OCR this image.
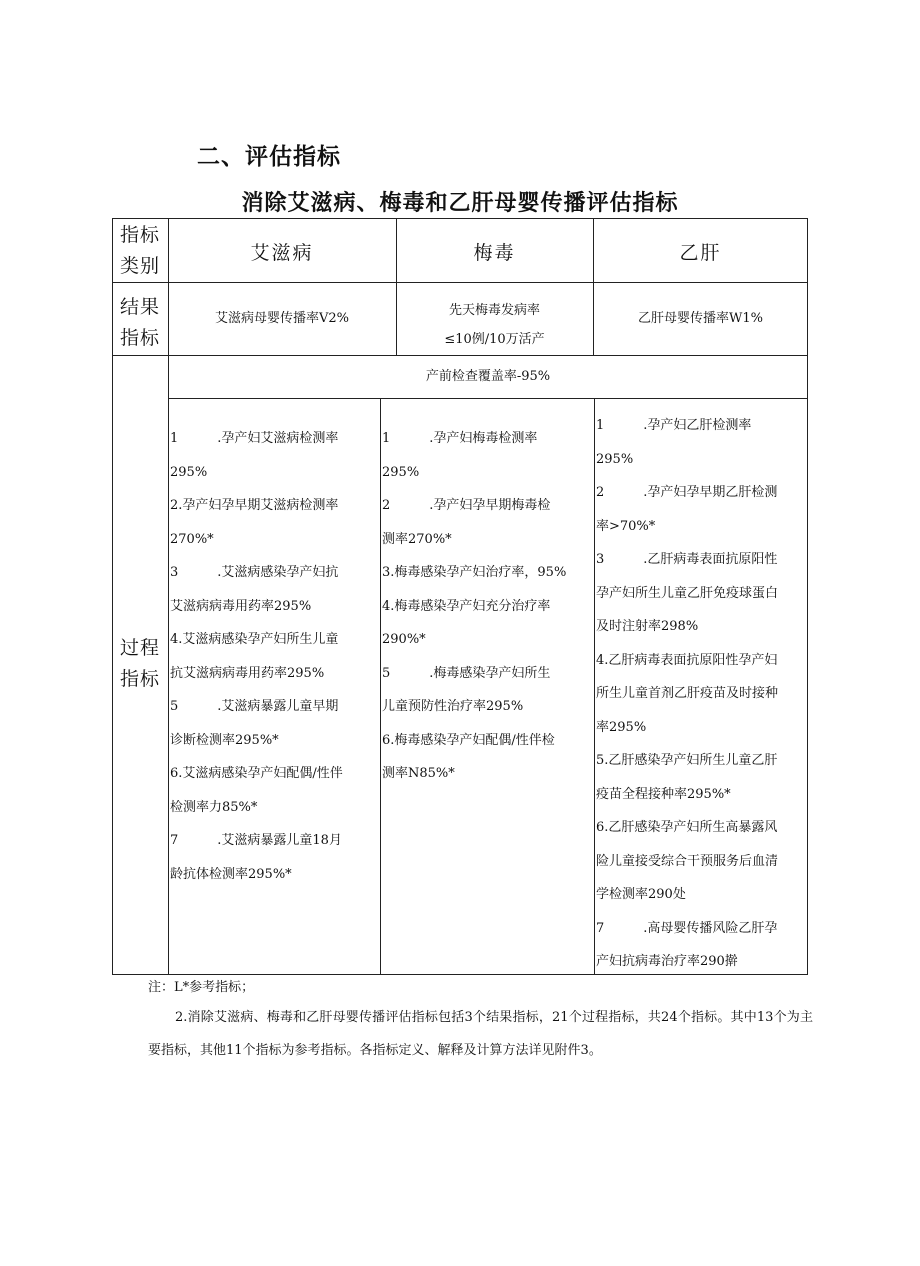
二、评估指标
消除艾滋病、梅毒和乙肝母婴传播评估指标
指标
类别
结果
指标
过程
指标
艾滋病	梅毒	乙肝
艾滋病母婴传播率V2%
先天梅毒发病率
≤10例/10万活产
乙肝母婴传播率W1%
产前检查覆盖率-95%
1　　　.孕产妇艾滋病检测率
295%
2.孕产妇孕早期艾滋病检测率
270%*
3　　　.艾滋病感染孕产妇抗
艾滋病病毒用药率295%
4.艾滋病感染孕产妇所生儿童
抗艾滋病病毒用药率295%
5　　　.艾滋病暴露儿童早期
诊断检测率295%*
6.艾滋病感染孕产妇配偶/性伴
检测率力85%*
7　　　.艾滋病暴露儿童18月
龄抗体检测率295%*
1　　　.孕产妇梅毒检测率
295%
2　　　.孕产妇孕早期梅毒检
测率270%*
3.梅毒感染孕产妇治疗率，95%
4.梅毒感染孕产妇充分治疗率
290%*
5　　　.梅毒感染孕产妇所生
儿童预防性治疗率295%
6.梅毒感染孕产妇配偶/性伴检
测率N85%*
1　　　.孕产妇乙肝检测率
295%
2　　　.孕产妇孕早期乙肝检测
率>70%*
3　　　.乙肝病毒表面抗原阳性
孕产妇所生儿童乙肝免疫球蛋白
及时注射率298%
4.乙肝病毒表面抗原阳性孕产妇
所生儿童首剂乙肝疫苗及时接种
率295%
5.乙肝感染孕产妇所生儿童乙肝
疫苗全程接种率295%*
6.乙肝感染孕产妇所生高暴露风
险儿童接受综合干预服务后血清
学检测率290处
7　　　.高母婴传播风险乙肝孕
产妇抗病毒治疗率290擀
注：L*参考指标；
2.消除艾滋病、梅毒和乙肝母婴传播评估指标包括3个结果指标，21个过程指标，共24个指标。其中13个为主要指标，其他11个指标为参考指标。各指标定义、解释及计算方法详见附件3。
